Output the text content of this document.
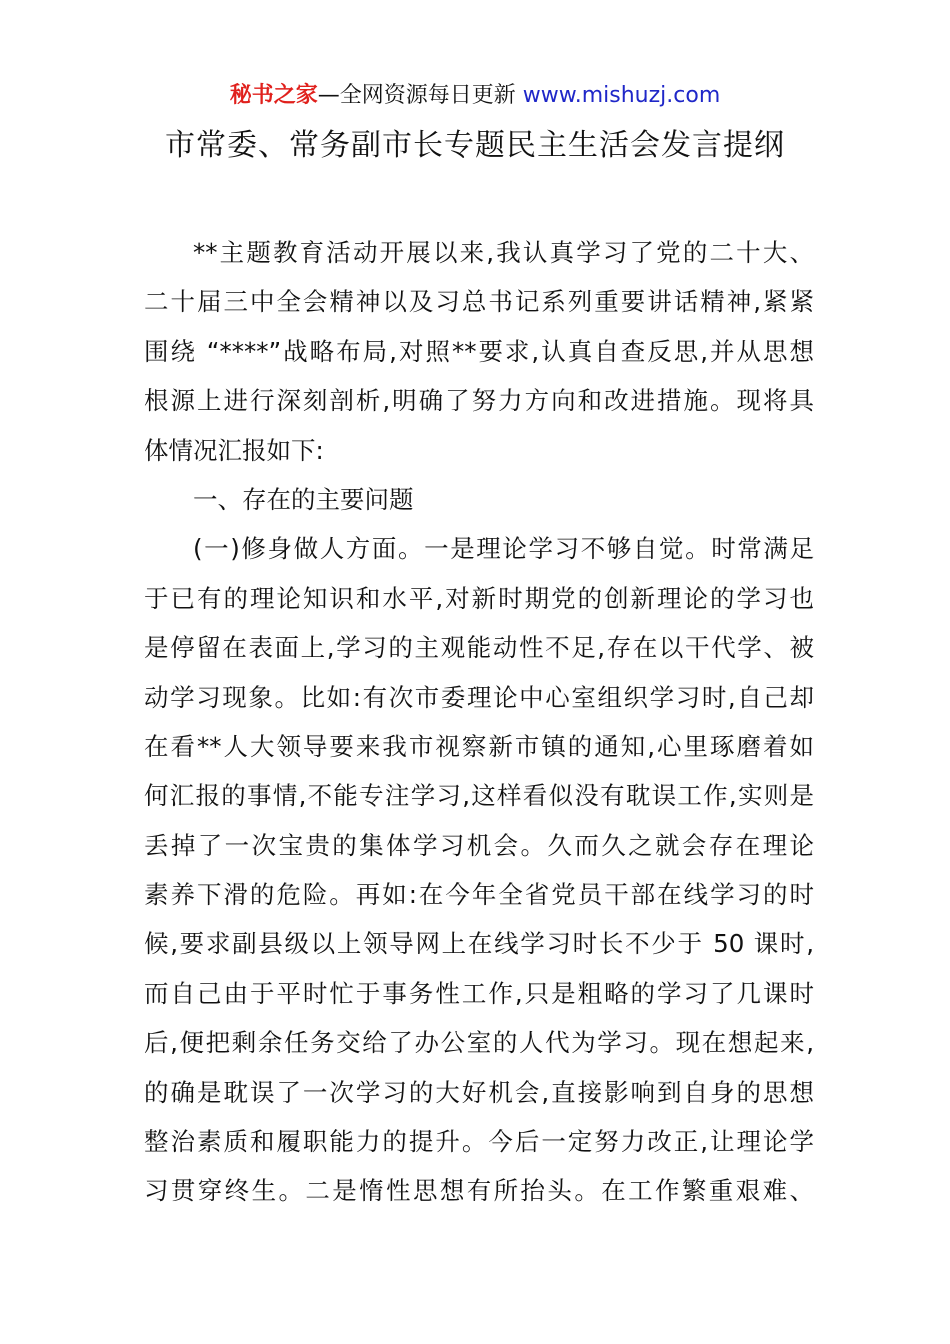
秘书之家—全网资源每日更新 www.mishuzj.com
市常委、常务副市长专题民主生活会发言提纲
**主题教育活动开展以来,我认真学习了党的二十大、
二十届三中全会精神以及习总书记系列重要讲话精神,紧紧
围绕 “****”战略布局,对照**要求,认真自查反思,并从思想
根源上进行深刻剖析,明确了努力方向和改进措施。现将具
体情况汇报如下:
一、存在的主要问题
(一)修身做人方面。一是理论学习不够自觉。时常满足
于已有的理论知识和水平,对新时期党的创新理论的学习也
是停留在表面上,学习的主观能动性不足,存在以干代学、被
动学习现象。比如:有次市委理论中心室组织学习时,自己却
在看**人大领导要来我市视察新市镇的通知,心里琢磨着如
何汇报的事情,不能专注学习,这样看似没有耽误工作,实则是
丢掉了一次宝贵的集体学习机会。久而久之就会存在理论
素养下滑的危险。再如:在今年全省党员干部在线学习的时
候,要求副县级以上领导网上在线学习时长不少于 50 课时,
而自己由于平时忙于事务性工作,只是粗略的学习了几课时
后,便把剩余任务交给了办公室的人代为学习。现在想起来,
的确是耽误了一次学习的大好机会,直接影响到自身的思想
整治素质和履职能力的提升。今后一定努力改正,让理论学
习贯穿终生。二是惰性思想有所抬头。在工作繁重艰难、
